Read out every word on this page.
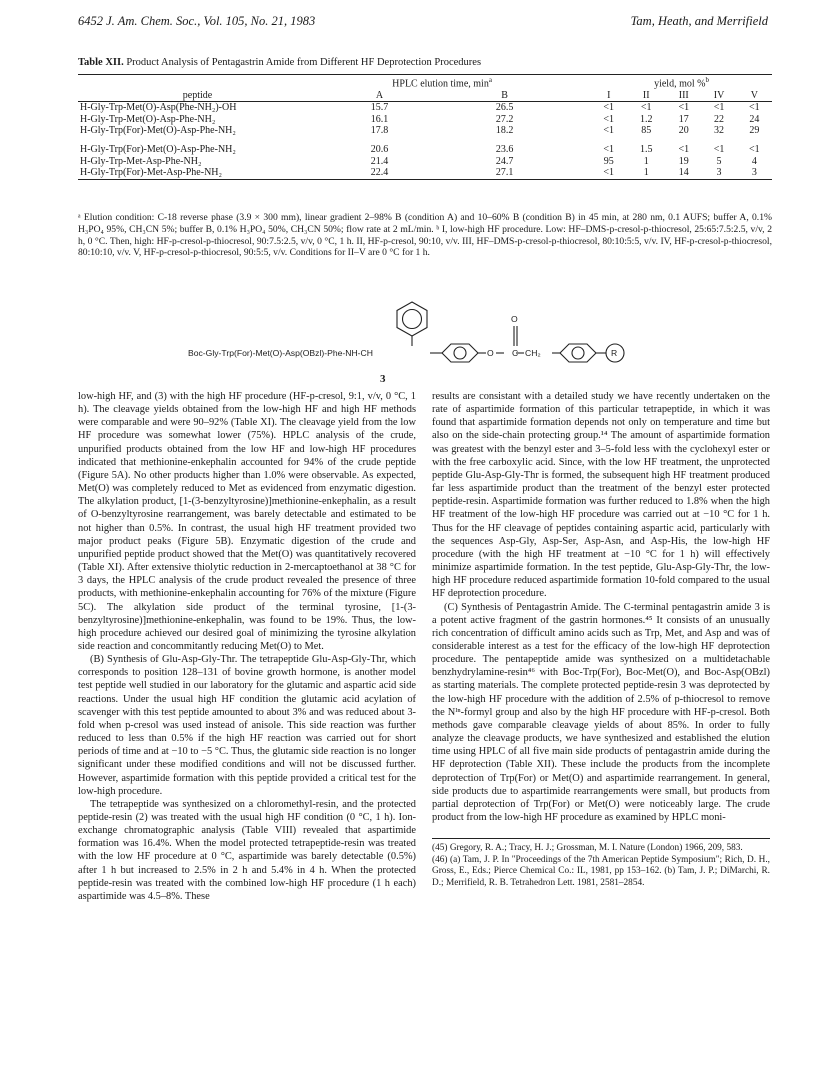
6452 J. Am. Chem. Soc., Vol. 105, No. 21, 1983	Tam, Heath, and Merrifield
Table XII. Product Analysis of Pentagastrin Amide from Different HF Deprotection Procedures
	HPLC elution time, $\min^a$			yield, mol %$^b$
peptide	A	B		I	II	III	IV	V
H-Gly-Trp-Met(O)-Asp(Phe-NH₂)-OH	15.7	26.5		<1	<1	<1	<1	<1
H-Gly-Trp-Met(O)-Asp-Phe-NH₂	16.1	27.2		<1	1.2	17	22	24
H-Gly-Trp(For)-Met(O)-Asp-Phe-NH₂	17.8	18.2		<1	85	20	32	29
H-Gly-Trp(For)-Met(O)-Asp-Phe-NH₂	20.6	23.6		<1	1.5	<1	<1	<1
H-Gly-Trp-Met-Asp-Phe-NH₂	21.4	24.7		95	1	19	5	4
H-Gly-Trp(For)-Met-Asp-Phe-NH₂	22.4	27.1		<1	1	14	3	3
ᵃ Elution condition: C-18 reverse phase (3.9 × 300 mm), linear gradient 2–98% B (condition A) and 10–60% B (condition B) in 45 min, at 280 nm, 0.1 AUFS; buffer A, 0.1% H₃PO₄ 95%, CH₃CN 5%; buffer B, 0.1% H₃PO₄ 50%, CH₃CN 50%; flow rate at 2 mL/min. ᵇ I, low-high HF procedure. Low: HF–DMS-p-cresol-p-thiocresol, 25:65:7.5:2.5, v/v, 2 h, 0 °C. Then, high: HF-p-cresol-p-thiocresol, 90:7.5:2.5, v/v, 0 °C, 1 h. II, HF-p-cresol, 90:10, v/v. III, HF–DMS-p-cresol-p-thiocresol, 80:10:5:5, v/v. IV, HF-p-cresol-p-thiocresol, 80:10:10, v/v. V, HF-p-cresol-p-thiocresol, 90:5:5, v/v. Conditions for II–V are 0 °C for 1 h.
Boc-Gly-Trp(For)-Met(O)-Asp(OBzl)-Phe-NH-CH	O
O
C CH₂	R
3

low-high HF, and (3) with the high HF procedure (HF-p-cresol, 9:1, v/v, 0 °C, 1 h). The cleavage yields obtained from the low-high HF and high HF methods were comparable and were 90–92% (Table XI). The cleavage yield from the low HF procedure was somewhat lower (75%). HPLC analysis of the crude, unpurified products obtained from the low HF and low-high HF procedures indicated that methionine-enkephalin accounted for 94% of the crude peptide (Figure 5A). No other products higher than 1.0% were observable. As expected, Met(O) was completely reduced to Met as evidenced from enzymatic digestion. The alkylation product, [1-(3-benzyltyrosine)]methionine-enkephalin, as a result of O-benzyltyrosine rearrangement, was barely detectable and estimated to be not higher than 0.5%. In contrast, the usual high HF treatment provided two major product peaks (Figure 5B). Enzymatic digestion of the crude and unpurified peptide product showed that the Met(O) was quantitatively recovered (Table XI). After extensive thiolytic reduction in 2-mercaptoethanol at 38 °C for 3 days, the HPLC analysis of the crude product revealed the presence of three products, with methionine-enkephalin accounting for 76% of the mixture (Figure 5C). The alkylation side product of the terminal tyrosine, [1-(3-benzyltyrosine)]methionine-enkephalin, was found to be 19%. Thus, the low-high procedure achieved our desired goal of minimizing the tyrosine alkylation side reaction and concommitantly reducing Met(O) to Met.

(B) Synthesis of Glu-Asp-Gly-Thr. The tetrapeptide Glu-Asp-Gly-Thr, which corresponds to position 128–131 of bovine growth hormone, is another model test peptide well studied in our laboratory for the glutamic and aspartic acid side reactions. Under the usual high HF condition the glutamic acid acylation of scavenger with this test peptide amounted to about 3% and was reduced about 3-fold when p-cresol was used instead of anisole. This side reaction was further reduced to less than 0.5% if the high HF reaction was carried out for short periods of time and at −10 to −5 °C. Thus, the glutamic side reaction is no longer significant under these modified conditions and will not be discussed further. However, aspartimide formation with this peptide provided a critical test for the low-high procedure.

The tetrapeptide was synthesized on a chloromethyl-resin, and the protected peptide-resin (2) was treated with the usual high HF condition (0 °C, 1 h). Ion-exchange chromatographic analysis (Table VIII) revealed that aspartimide formation was 16.4%. When the model protected tetrapeptide-resin was treated with the low HF procedure at 0 °C, aspartimide was barely detectable (0.5%) after 1 h but increased to 2.5% in 2 h and 5.4% in 4 h. When the protected peptide-resin was treated with the combined low-high HF procedure (1 h each) aspartimide was 4.5–8%. These

results are consistant with a detailed study we have recently undertaken on the rate of aspartimide formation of this particular tetrapeptide, in which it was found that aspartimide formation depends not only on temperature and time but also on the side-chain protecting group.¹⁴ The amount of aspartimide formation was greatest with the benzyl ester and 3–5-fold less with the cyclohexyl ester or with the free carboxylic acid. Since, with the low HF treatment, the unprotected peptide Glu-Asp-Gly-Thr is formed, the subsequent high HF treatment produced far less aspartimide product than the treatment of the benzyl ester protected peptide-resin. Aspartimide formation was further reduced to 1.8% when the high HF treatment of the low-high HF procedure was carried out at −10 °C for 1 h. Thus for the HF cleavage of peptides containing aspartic acid, particularly with the sequences Asp-Gly, Asp-Ser, Asp-Asn, and Asp-His, the low-high HF procedure (with the high HF treatment at −10 °C for 1 h) will effectively minimize aspartimide formation. In the test peptide, Glu-Asp-Gly-Thr, the low-high HF procedure reduced aspartimide formation 10-fold compared to the usual HF deprotection procedure.

(C) Synthesis of Pentagastrin Amide. The C-terminal pentagastrin amide 3 is a potent active fragment of the gastrin hormones.⁴⁵ It consists of an unusually rich concentration of difficult amino acids such as Trp, Met, and Asp and was of considerable interest as a test for the efficacy of the low-high HF deprotection procedure. The pentapeptide amide was synthesized on a multidetachable benzhydrylamine-resin⁴⁶ with Boc-Trp(For), Boc-Met(O), and Boc-Asp(OBzl) as starting materials. The complete protected peptide-resin 3 was deprotected by the low-high HF procedure with the addition of 2.5% of p-thiocresol to remove the Nᴵⁿ-formyl group and also by the high HF procedure with HF-p-cresol. Both methods gave comparable cleavage yields of about 85%. In order to fully analyze the cleavage products, we have synthesized and established the elution time using HPLC of all five main side products of pentagastrin amide during the HF deprotection (Table XII). These include the products from the incomplete deprotection of Trp(For) or Met(O) and aspartimide rearrangement. In general, side products due to aspartimide rearrangements were small, but products from partial deprotection of Trp(For) or Met(O) were noticeably large. The crude product from the low-high HF procedure as examined by HPLC moni-

(45) Gregory, R. A.; Tracy, H. J.; Grossman, M. I. Nature (London) 1966, 209, 583.

(46) (a) Tam, J. P. In "Proceedings of the 7th American Peptide Symposium"; Rich, D. H., Gross, E., Eds.; Pierce Chemical Co.: IL, 1981, pp 153–162. (b) Tam, J. P.; DiMarchi, R. D.; Merrifield, R. B. Tetrahedron Lett. 1981, 2581–2854.
